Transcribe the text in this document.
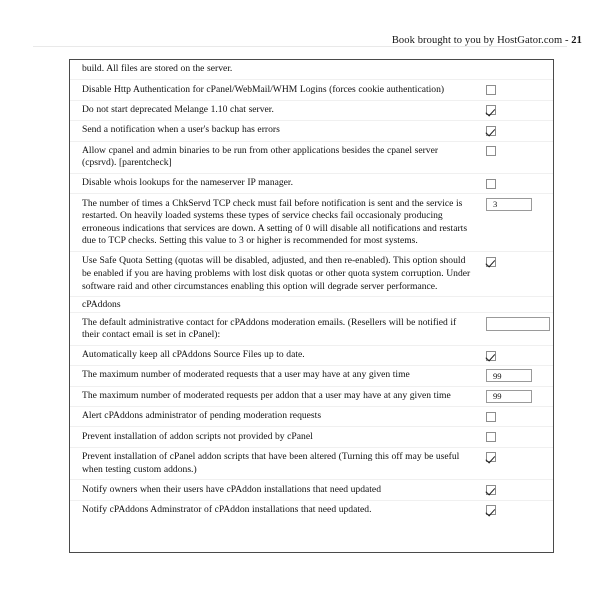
Book brought to you by HostGator.com - 21
build. All files are stored on the server.
Disable Http Authentication for cPanel/WebMail/WHM Logins (forces cookie authentication)
Do not start deprecated Melange 1.10 chat server.
Send a notification when a user's backup has errors
Allow cpanel and admin binaries to be run from other applications besides the cpanel server (cpsrvd). [parentcheck]
Disable whois lookups for the nameserver IP manager.
The number of times a ChkServd TCP check must fail before notification is sent and the service is restarted. On heavily loaded systems these types of service checks fail occasionaly producing erroneous indications that services are down. A setting of 0 will disable all notifications and restarts due to TCP checks. Setting this value to 3 or higher is recommended for most systems.
3
Use Safe Quota Setting (quotas will be disabled, adjusted, and then re-enabled). This option should be enabled if you are having problems with lost disk quotas or other quota system corruption. Under software raid and other circumstances enabling this option will degrade server performance.
cPAddons
The default administrative contact for cPAddons moderation emails. (Resellers will be notified if their contact email is set in cPanel):
Automatically keep all cPAddons Source Files up to date.
The maximum number of moderated requests that a user may have at any given time
99
The maximum number of moderated requests per addon that a user may have at any given time
99
Alert cPAddons administrator of pending moderation requests
Prevent installation of addon scripts not provided by cPanel
Prevent installation of cPanel addon scripts that have been altered (Turning this off may be useful when testing custom addons.)
Notify owners when their users have cPAddon installations that need updated
Notify cPAddons Adminstrator of cPAddon installations that need updated.
